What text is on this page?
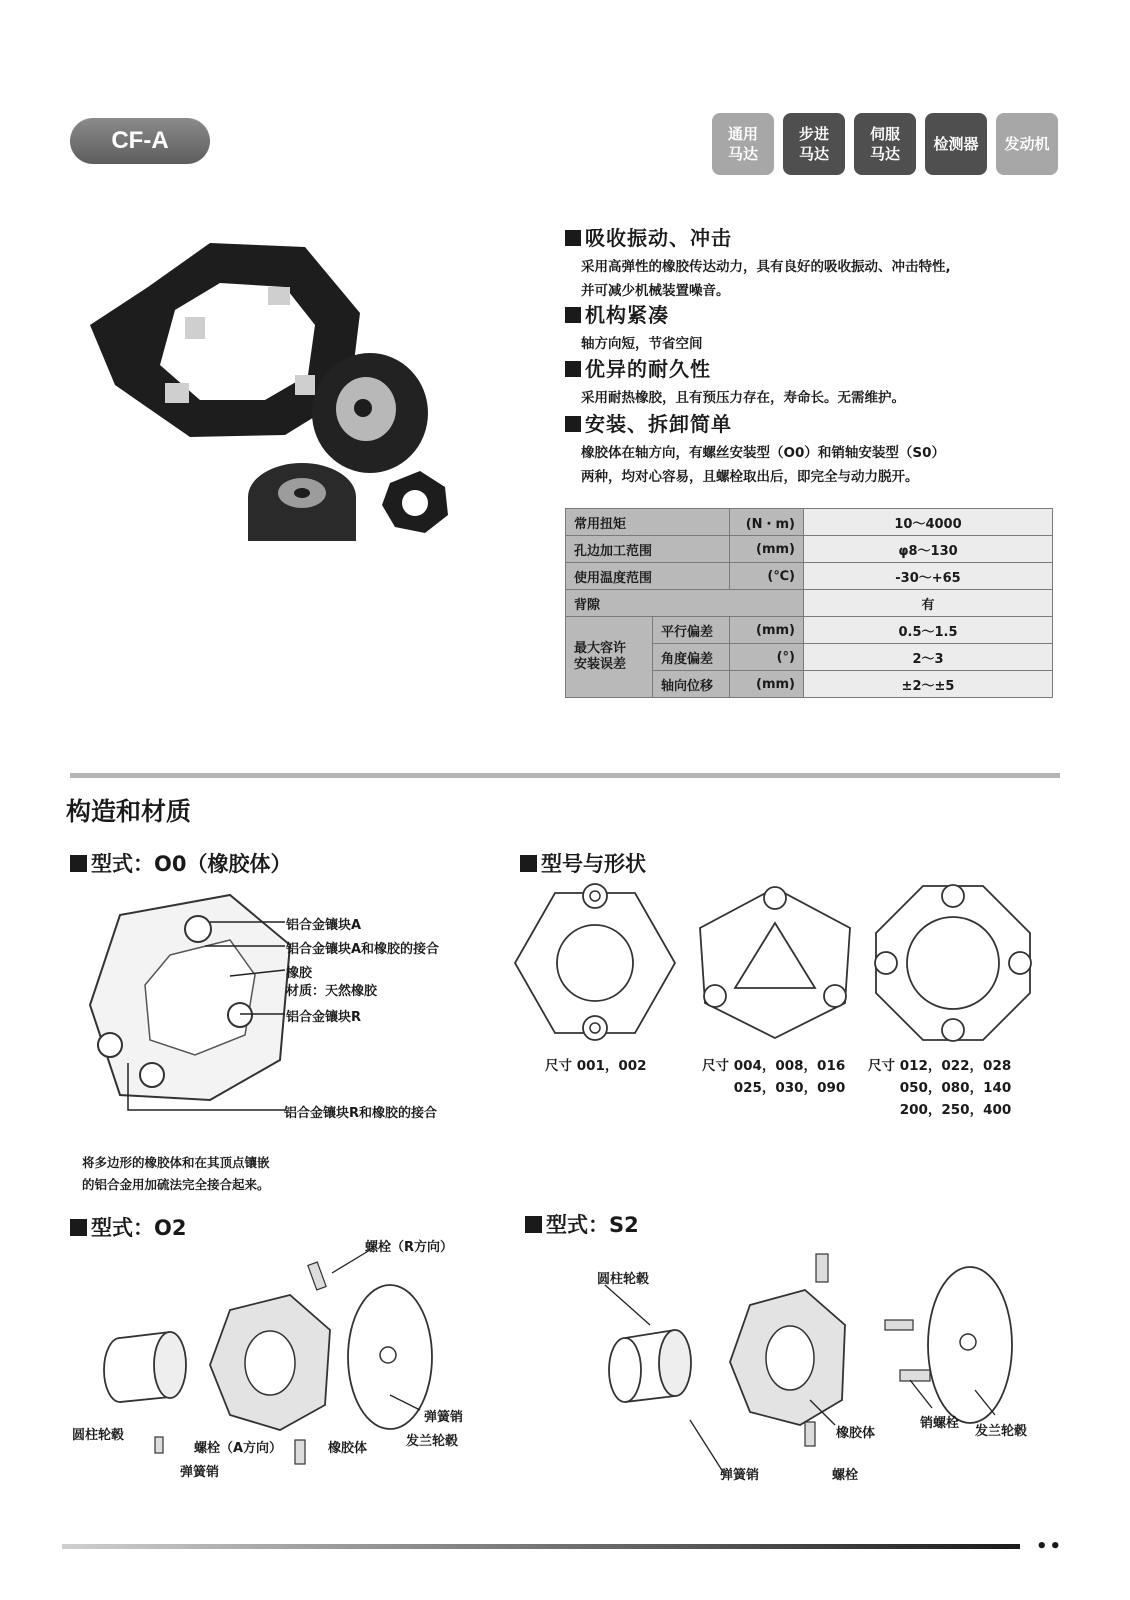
CF-A	通用
马达
步进
马达
伺服
马达
检测器	发动机
吸收振动、冲击

采用高弹性的橡胶传达动力，具有良好的吸收振动、冲击特性,

并可减少机械装置噪音。

机构紧凑

轴方向短，节省空间

优异的耐久性

采用耐热橡胶，且有预压力存在，寿命长。无需维护。

安装、拆卸简单

橡胶体在轴方向，有螺丝安装型（O0）和销轴安装型（S0）

两种，均对心容易，且螺栓取出后，即完全与动力脱开。

常用扭矩		(N・m)	10～4000
孔边加工范围		(mm)	φ8～130
使用温度范围		(℃)	-30～+65
背隙			有
最大容许
安装误差	平行偏差	(mm)	0.5～1.5
	角度偏差	(°)	2～3
	轴向位移	(mm)	±2～±5
构造和材质
型式：O0（橡胶体）
铝合金镶块A
铝合金镶块A和橡胶的接合
橡胶
材质：天然橡胶
铝合金镶块R
铝合金镶块R和橡胶的接合
将多边形的橡胶体和在其顶点镶嵌
的铝合金用加硫法完全接合起来。
型号与形状
尺寸 001，002	尺寸 004，008，016
025，030，090
尺寸 012，022，028
050，080，140
200，250，400
型式：O2
螺栓（R方向）
圆柱轮毂
弹簧销
螺栓（A方向）	橡胶体
弹簧销
发兰轮毂
型式：S2
圆柱轮毂
橡胶体
销螺栓
发兰轮毂
弹簧销	螺栓
••
